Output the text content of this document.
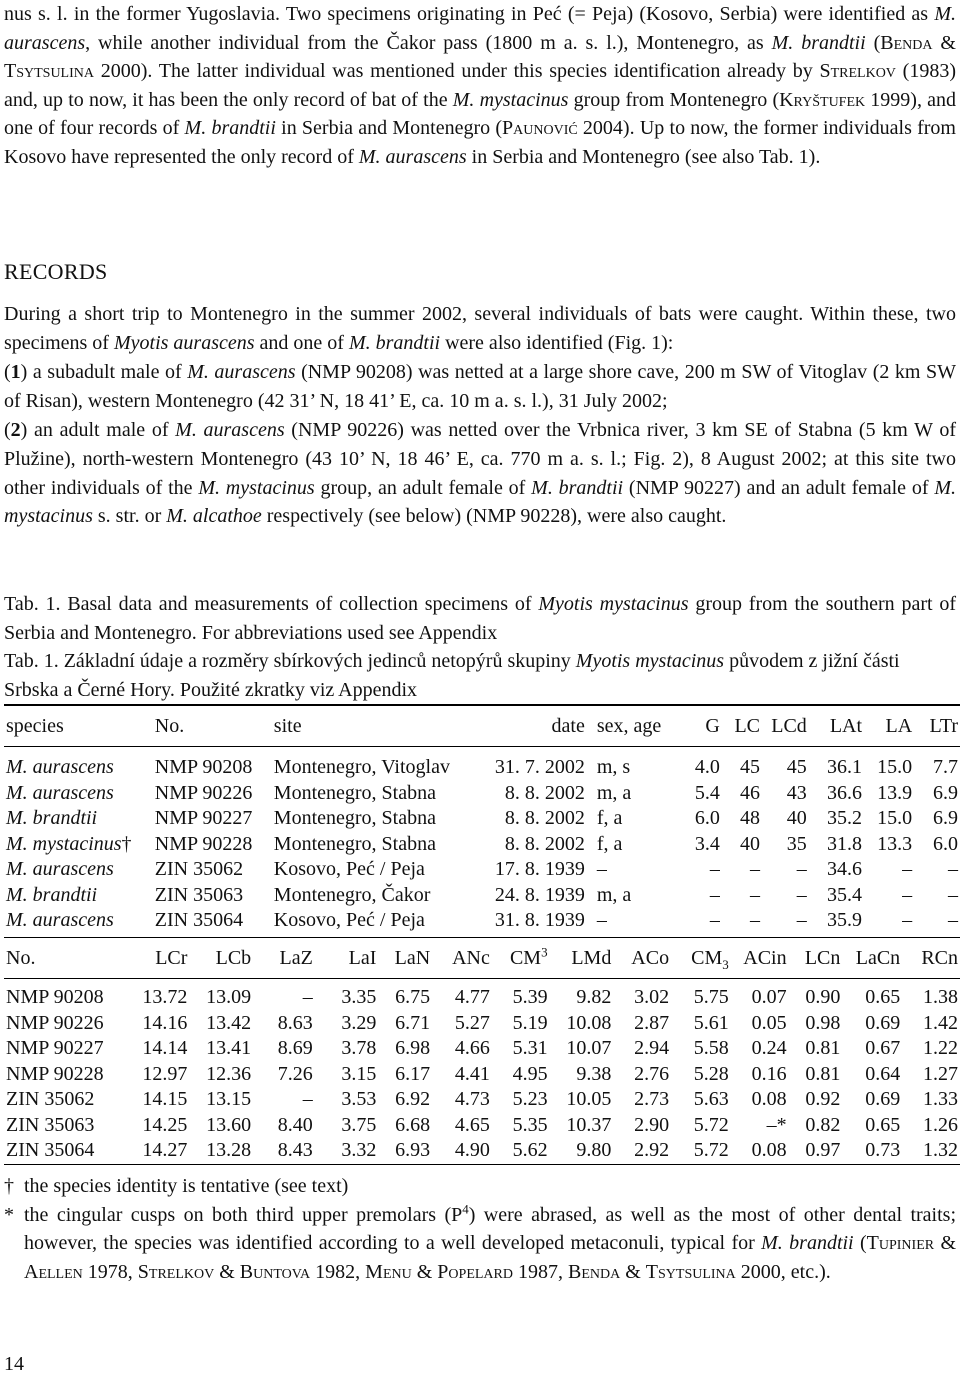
nus s. l. in the former Yugoslavia. Two specimens originating in Peć (= Peja) (Kosovo, Serbia) were identified as M. aurascens, while another individual from the Čakor pass (1800 m a. s. l.), Montenegro, as M. brandtii (Benda & Tsytsulina 2000). The latter individual was mentioned under this species identification already by Strelkov (1983) and, up to now, it has been the only record of bat of the M. mystacinus group from Montenegro (Kryštufek 1999), and one of four records of M. brandtii in Serbia and Montenegro (Paunović 2004). Up to now, the former individuals from Kosovo have represented the only record of M. aurascens in Serbia and Montenegro (see also Tab. 1).

RECORDS

During a short trip to Montenegro in the summer 2002, several individuals of bats were caught. Within these, two specimens of Myotis aurascens and one of M. brandtii were also identified (Fig. 1):

(1) a subadult male of M. aurascens (NMP 90208) was netted at a large shore cave, 200 m SW of Vitoglav (2 km SW of Risan), western Montenegro (42 31’ N, 18 41’ E, ca. 10 m a. s. l.), 31 July 2002;

(2) an adult male of M. aurascens (NMP 90226) was netted over the Vrbnica river, 3 km SE of Stabna (5 km W of Plužine), north-western Montenegro (43 10’ N, 18 46’ E, ca. 770 m a. s. l.; Fig. 2), 8 August 2002; at this site two other individuals of the M. mystacinus group, an adult female of M. brandtii (NMP 90227) and an adult female of M. mystacinus s. str. or M. alcathoe respectively (see below) (NMP 90228), were also caught.

Tab. 1. Basal data and measurements of collection specimens of Myotis mystacinus group from the southern part of Serbia and Montenegro. For abbreviations used see Appendix

Tab. 1. Základní údaje a rozměry sbírkových jedinců netopýrů skupiny Myotis mystacinus původem z jižní části Srbska a Černé Hory. Použité zkratky viz Appendix

species	No.	site	date	sex, age	G	LC	LCd	LAt	LA	LTr

M. aurascens	NMP 90208	Montenegro, Vitoglav	31. 7. 2002	m, s	4.0	45	45	36.1	15.0	7.7
M. aurascens	NMP 90226	Montenegro, Stabna	8. 8. 2002	m, a	5.4	46	43	36.6	13.9	6.9
M. brandtii	NMP 90227	Montenegro, Stabna	8. 8. 2002	f, a	6.0	48	40	35.2	15.0	6.9
M. mystacinus†	NMP 90228	Montenegro, Stabna	8. 8. 2002	f, a	3.4	40	35	31.8	13.3	6.0
M. aurascens	ZIN 35062	Kosovo, Peć / Peja	17. 8. 1939	–	–	–	–	34.6	–	–
M. brandtii	ZIN 35063	Montenegro, Čakor	24. 8. 1939	m, a	–	–	–	35.4	–	–
M. aurascens	ZIN 35064	Kosovo, Peć / Peja	31. 8. 1939	–	–	–	–	35.9	–	–

No.	LCr	LCb	LaZ	LaI	LaN	ANc	$CM^3$	LMd	ACo	$CM_3$	ACin	LCn	LaCn	RCn
NMP 90208	13.72	13.09	–	3.35	6.75	4.77	5.39	9.82	3.02	5.75	0.07	0.90	0.65	1.38
NMP 90226	14.16	13.42	8.63	3.29	6.71	5.27	5.19	10.08	2.87	5.61	0.05	0.98	0.69	1.42
NMP 90227	14.14	13.41	8.69	3.78	6.98	4.66	5.31	10.07	2.94	5.58	0.24	0.81	0.67	1.22
NMP 90228	12.97	12.36	7.26	3.15	6.17	4.41	4.95	9.38	2.76	5.28	0.16	0.81	0.64	1.27
ZIN 35062	14.15	13.15	–	3.53	6.92	4.73	5.23	10.05	2.73	5.63	0.08	0.92	0.69	1.33
ZIN 35063	14.25	13.60	8.40	3.75	6.68	4.65	5.35	10.37	2.90	5.72	–*	0.82	0.65	1.26
ZIN 35064	14.27	13.28	8.43	3.32	6.93	4.90	5.62	9.80	2.92	5.72	0.08	0.97	0.73	1.32

† the species identity is tentative (see text)
* the cingular cusps on both third upper premolars $(P^4)$ were abrased, as well as the most of other dental traits; however, the species was identified according to a well developed metaconuli, typical for M. brandtii (Tupinier & Aellen 1978, Strelkov & Buntova 1982, Menu & Popelard 1987, Benda & Tsytsulina 2000, etc.).
14
